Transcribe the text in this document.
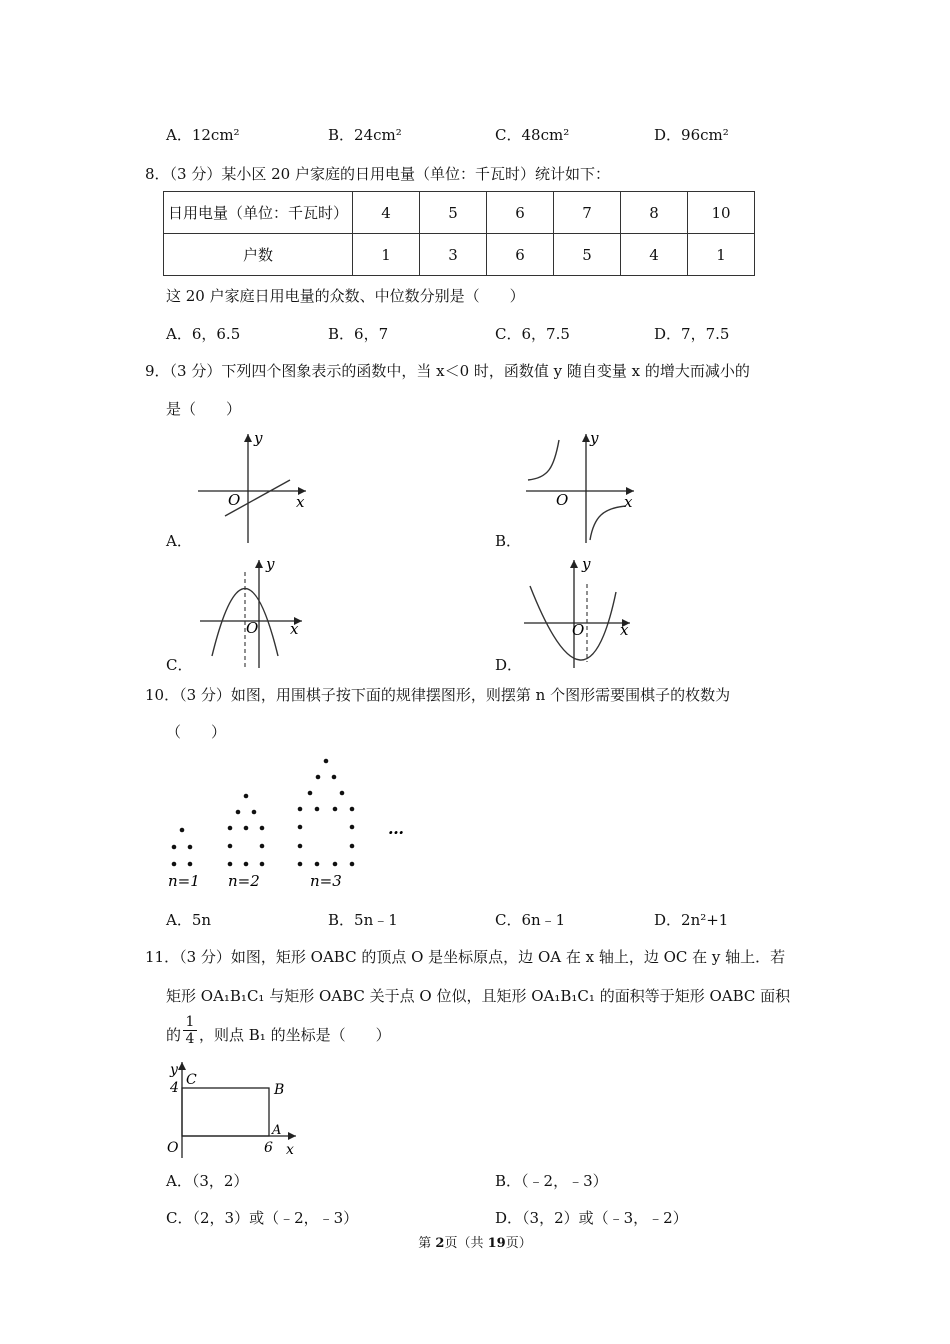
A．12cm²	B．24cm²	C．48cm²	D．96cm²
8．（3 分）某小区 20 户家庭的日用电量（单位：千瓦时）统计如下：
日用电量（单位：千瓦时）	4	5	6	7	8	10
户数	1	3	6	5	4	1
这 20 户家庭日用电量的众数、中位数分别是（　　）
A．6，6.5	B．6，7	C．6，7.5	D．7，7.5
9．（3 分）下列四个图象表示的函数中，当 x＜0 时，函数值 y 随自变量 x 的增大而减小的
是（　　）
A．	B．
C．	D．
y
x
O
y
x
O
y
x
O
y
x
O
10．（3 分）如图，用围棋子按下面的规律摆图形，则摆第 n 个图形需要围棋子的枚数为
（　　）
n=1 n=2	n=3
…
A．5n	B．5n﹣1	C．6n﹣1	D．2n²+1
11．（3 分）如图，矩形 OABC 的顶点 O 是坐标原点，边 OA 在 x 轴上，边 OC 在 y 轴上．若
矩形 OA₁B₁C₁ 与矩形 OABC 关于点 O 位似，且矩形 OA₁B₁C₁ 的面积等于矩形 OABC 面积
的 $\frac{1}{4}$ ，则点 B₁ 的坐标是（　　）
y
x
C
B
A
O
4
6
A．（3，2）	B．（﹣2，﹣3）
C．（2，3）或（﹣2，﹣3）	D．（3，2）或（﹣3，﹣2）
第 2页（共 19页）
